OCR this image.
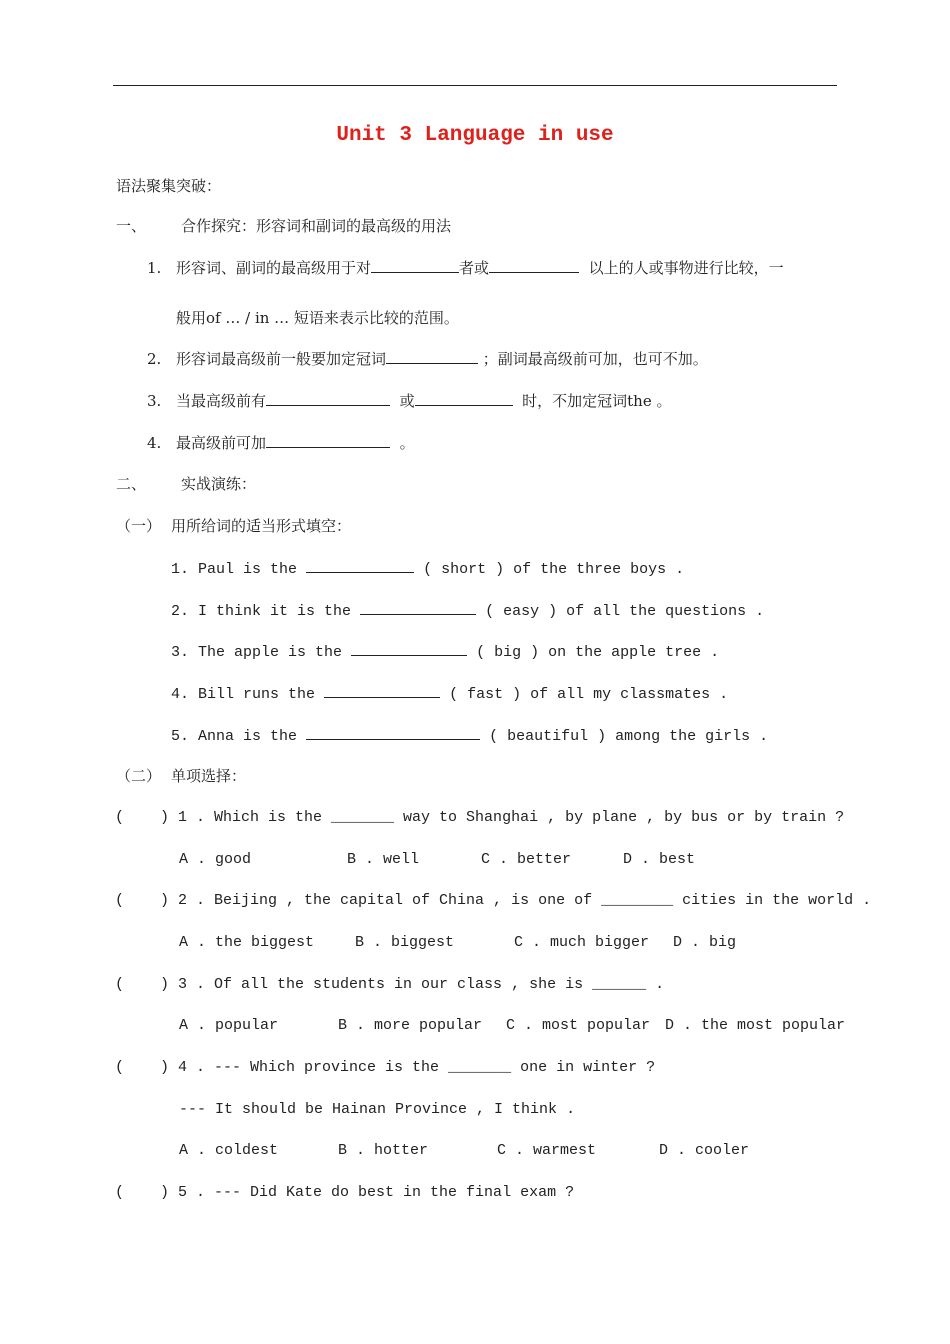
Unit 3 Language in use
语法聚集突破：
一、 合作探究：形容词和副词的最高级的用法
1. 形容词、副词的最高级用于对	者或	以上的人或事物进行比较，一
般用of … / in … 短语来表示比较的范围。
2. 形容词最高级前一般要加定冠词	；副词最高级前可加，也可不加。
3. 当最高级前有	或	时，不加定冠词the 。
4. 最高级前可加	。
二、 实战演练：
（一） 用所给词的适当形式填空：
1. Paul is the	( short ) of the three boys .
2. I think it is the	( easy ) of all the questions .
3. The apple is the	( big ) on the apple tree .
4. Bill runs the	( fast ) of all my classmates .
5. Anna is the	( beautiful ) among the girls .
（二） 单项选择：
(    ) 1 . Which is the _______ way to Shanghai , by plane , by bus or by train ?
A . good	B . well	C . better	D . best
(    ) 2 . Beijing , the capital of China , is one of ________ cities in the world .
A . the biggest	B . biggest	C . much bigger D . big
(    ) 3 . Of all the students in our class , she is ______ .
A . popular	B . more popular C . most popular D . the most popular
(    ) 4 . --- Which province is the _______ one in winter ?
--- It should be Hainan Province , I think .
A . coldest	B . hotter	C . warmest	D . cooler
(    ) 5 . --- Did Kate do best in the final exam ?
